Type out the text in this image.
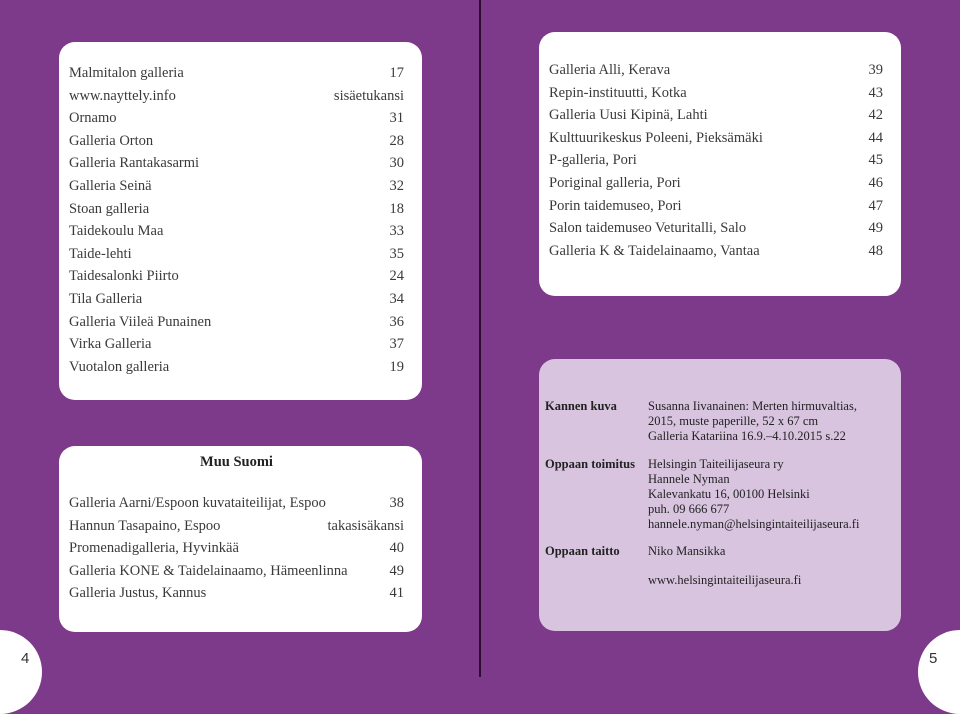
Malmitalon galleria	17
www.nayttely.info	sisäetukansi
Ornamo	31
Galleria Orton	28
Galleria Rantakasarmi	30
Galleria Seinä	32
Stoan galleria	18
Taidekoulu Maa	33
Taide-lehti	35
Taidesalonki Piirto	24
Tila Galleria	34
Galleria Viileä Punainen	36
Virka Galleria	37
Vuotalon galleria	19
Muu Suomi
Galleria Aarni/Espoon kuvataiteilijat, Espoo	38
Hannun Tasapaino, Espoo	takasisäkansi
Promenadigalleria, Hyvinkää	40
Galleria KONE & Taidelainaamo, Hämeenlinna	49
Galleria Justus, Kannus	41
Galleria Alli, Kerava	39
Repin-instituutti, Kotka	43
Galleria Uusi Kipinä, Lahti	42
Kulttuurikeskus Poleeni, Pieksämäki	44
P-galleria, Pori	45
Poriginal galleria, Pori	46
Porin taidemuseo, Pori	47
Salon taidemuseo Veturitalli, Salo	49
Galleria K & Taidelainaamo, Vantaa	48
Kannen kuva Susanna Iivanainen: Merten hirmuvaltias,
2015, muste paperille, 52 x 67 cm
Galleria Katariina 16.9.–4.10.2015 s.22
Oppaan toimitus Helsingin Taiteilijaseura ry
Hannele Nyman
Kalevankatu 16, 00100 Helsinki
puh. 09 666 677
hannele.nyman@helsingintaiteilijaseura.fi
Oppaan taitto Niko Mansikka
www.helsingintaiteilijaseura.fi
4	5
